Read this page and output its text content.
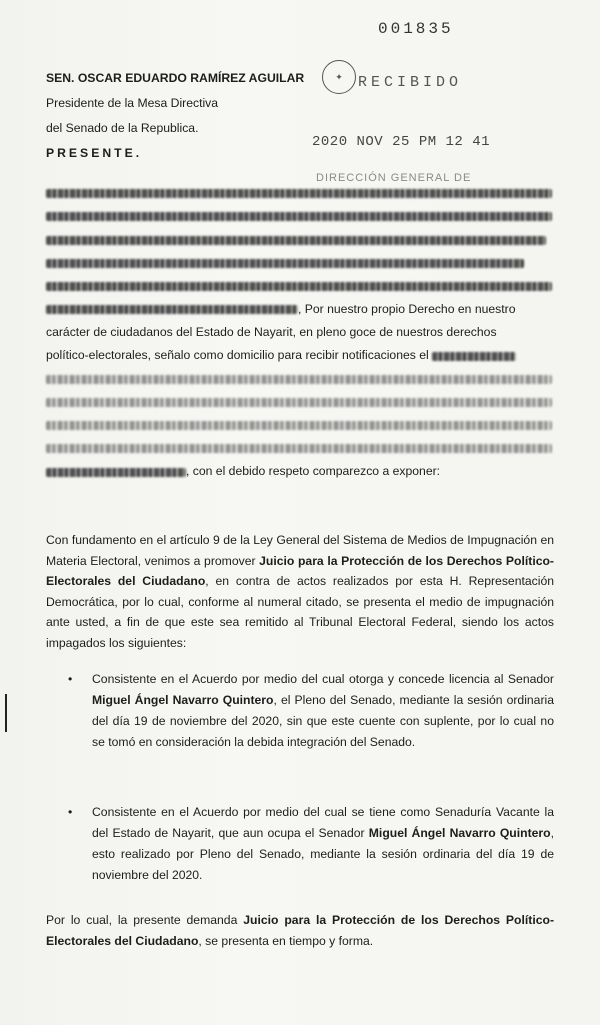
001835
SEN. OSCAR EDUARDO RAMÍREZ AGUILAR
Presidente de la Mesa Directiva
del Senado de la Republica.
PRESENTE.
✦	RECIBIDO
2020 NOV 25 PM 12 41
DIRECCIÓN GENERAL DE
, Por nuestro propio Derecho en nuestro
carácter de ciudadanos del Estado de Nayarit, en pleno goce de nuestros derechos
político-electorales, señalo como domicilio para recibir notificaciones el
, con el debido respeto comparezco a exponer:
Con fundamento en el artículo 9 de la Ley General del Sistema de Medios de Impugnación en Materia Electoral, venimos a promover Juicio para la Protección de los Derechos Político-Electorales del Ciudadano, en contra de actos realizados por esta H. Representación Democrática, por lo cual, conforme al numeral citado, se presenta el medio de impugnación ante usted, a fin de que este sea remitido al Tribunal Electoral Federal, siendo los actos impagados los siguientes:
• Consistente en el Acuerdo por medio del cual otorga y concede licencia al Senador Miguel Ángel Navarro Quintero, el Pleno del Senado, mediante la sesión ordinaria del día 19 de noviembre del 2020, sin que este cuente con suplente, por lo cual no se tomó en consideración la debida integración del Senado.
• Consistente en el Acuerdo por medio del cual se tiene como Senaduría Vacante la del Estado de Nayarit, que aun ocupa el Senador Miguel Ángel Navarro Quintero, esto realizado por Pleno del Senado, mediante la sesión ordinaria del día 19 de noviembre del 2020.
Por lo cual, la presente demanda Juicio para la Protección de los Derechos Político-Electorales del Ciudadano, se presenta en tiempo y forma.
